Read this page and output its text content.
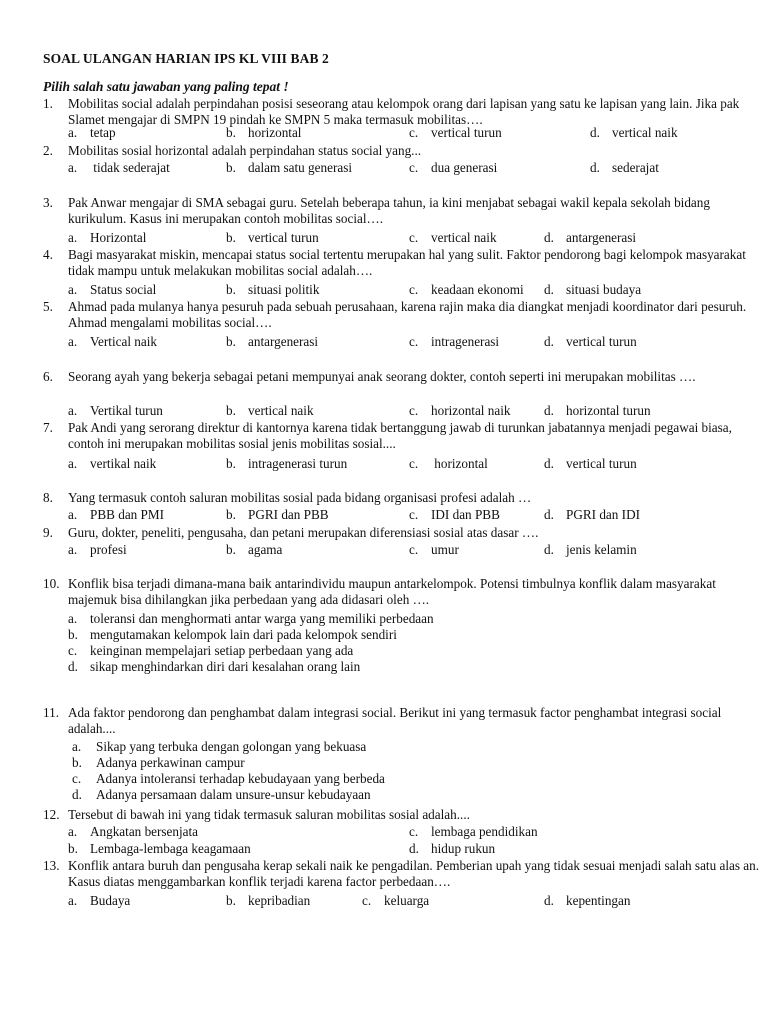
SOAL ULANGAN HARIAN IPS KL VIII BAB 2
Pilih salah satu jawaban yang paling tepat !
1.	Mobilitas social adalah perpindahan posisi seseorang atau kelompok orang dari lapisan yang satu ke lapisan yang lain. Jika pak Slamet mengajar di SMPN 19 pindah ke SMPN 5 maka termasuk mobilitas….
a. tetap	b. horizontal	c. vertical turun	d. vertical naik
2.	Mobilitas sosial horizontal adalah perpindahan status social yang...
a. tidak sederajat	b. dalam satu generasi	c. dua generasi	d. sederajat
3.	Pak Anwar mengajar di SMA sebagai guru. Setelah beberapa tahun, ia kini menjabat sebagai wakil kepala sekolah bidang kurikulum. Kasus ini merupakan contoh mobilitas social….
a. Horizontal	b. vertical turun	c. vertical naik	d. antargenerasi
4.	Bagi masyarakat miskin, mencapai status social tertentu merupakan hal yang sulit. Faktor pendorong bagi kelompok masyarakat tidak mampu untuk melakukan mobilitas social adalah….
a. Status social	b. situasi politik	c. keadaan ekonomi d. situasi budaya
5.	Ahmad pada mulanya hanya pesuruh pada sebuah perusahaan, karena rajin maka dia diangkat menjadi koordinator dari pesuruh. Ahmad mengalami mobilitas social….
a. Vertical naik	b. antargenerasi	c. intragenerasi	d. vertical turun
6.	Seorang ayah yang bekerja sebagai petani mempunyai anak seorang dokter, contoh seperti ini merupakan mobilitas ….
a. Vertikal turun	b. vertical naik	c. horizontal naik	d. horizontal turun
7.	Pak Andi yang serorang direktur di kantornya karena tidak bertanggung jawab di turunkan jabatannya menjadi pegawai biasa, contoh ini merupakan mobilitas sosial jenis mobilitas sosial....
a. vertikal naik	b. intragenerasi turun	c. horizontal	d. vertical turun
8.	Yang termasuk contoh saluran mobilitas sosial pada bidang organisasi profesi adalah …
a. PBB dan PMI	b. PGRI dan PBB	c. IDI dan PBB	d. PGRI dan IDI
9.	Guru, dokter, peneliti, pengusaha, dan petani merupakan diferensiasi sosial atas dasar ….
a. profesi	b. agama	c. umur	d. jenis kelamin
10. Konflik bisa terjadi dimana-mana baik antarindividu maupun antarkelompok. Potensi timbulnya konflik dalam masyarakat majemuk bisa dihilangkan jika perbedaan yang ada didasari oleh ….
a. toleransi dan menghormati antar warga yang memiliki perbedaan
b. mengutamakan kelompok lain dari pada kelompok sendiri
c. keinginan mempelajari setiap perbedaan yang ada
d. sikap menghindarkan diri dari kesalahan orang lain
11. Ada faktor pendorong dan penghambat dalam integrasi social. Berikut ini yang termasuk factor penghambat integrasi social adalah....
a. Sikap yang terbuka dengan golongan yang bekuasa
b. Adanya perkawinan campur
c. Adanya intoleransi terhadap kebudayaan yang berbeda
d. Adanya persamaan dalam unsure-unsur kebudayaan
12. Tersebut di bawah ini yang tidak termasuk saluran mobilitas sosial adalah....
a. Angkatan bersenjata	c. lembaga pendidikan
b. Lembaga-lembaga keagamaan	d. hidup rukun
13. Konflik antara buruh dan pengusaha kerap sekali naik ke pengadilan. Pemberian upah yang tidak sesuai menjadi salah satu alas an. Kasus diatas menggambarkan konflik terjadi karena factor perbedaan….
a. Budaya	b. kepribadian	c. keluarga	d. kepentingan
